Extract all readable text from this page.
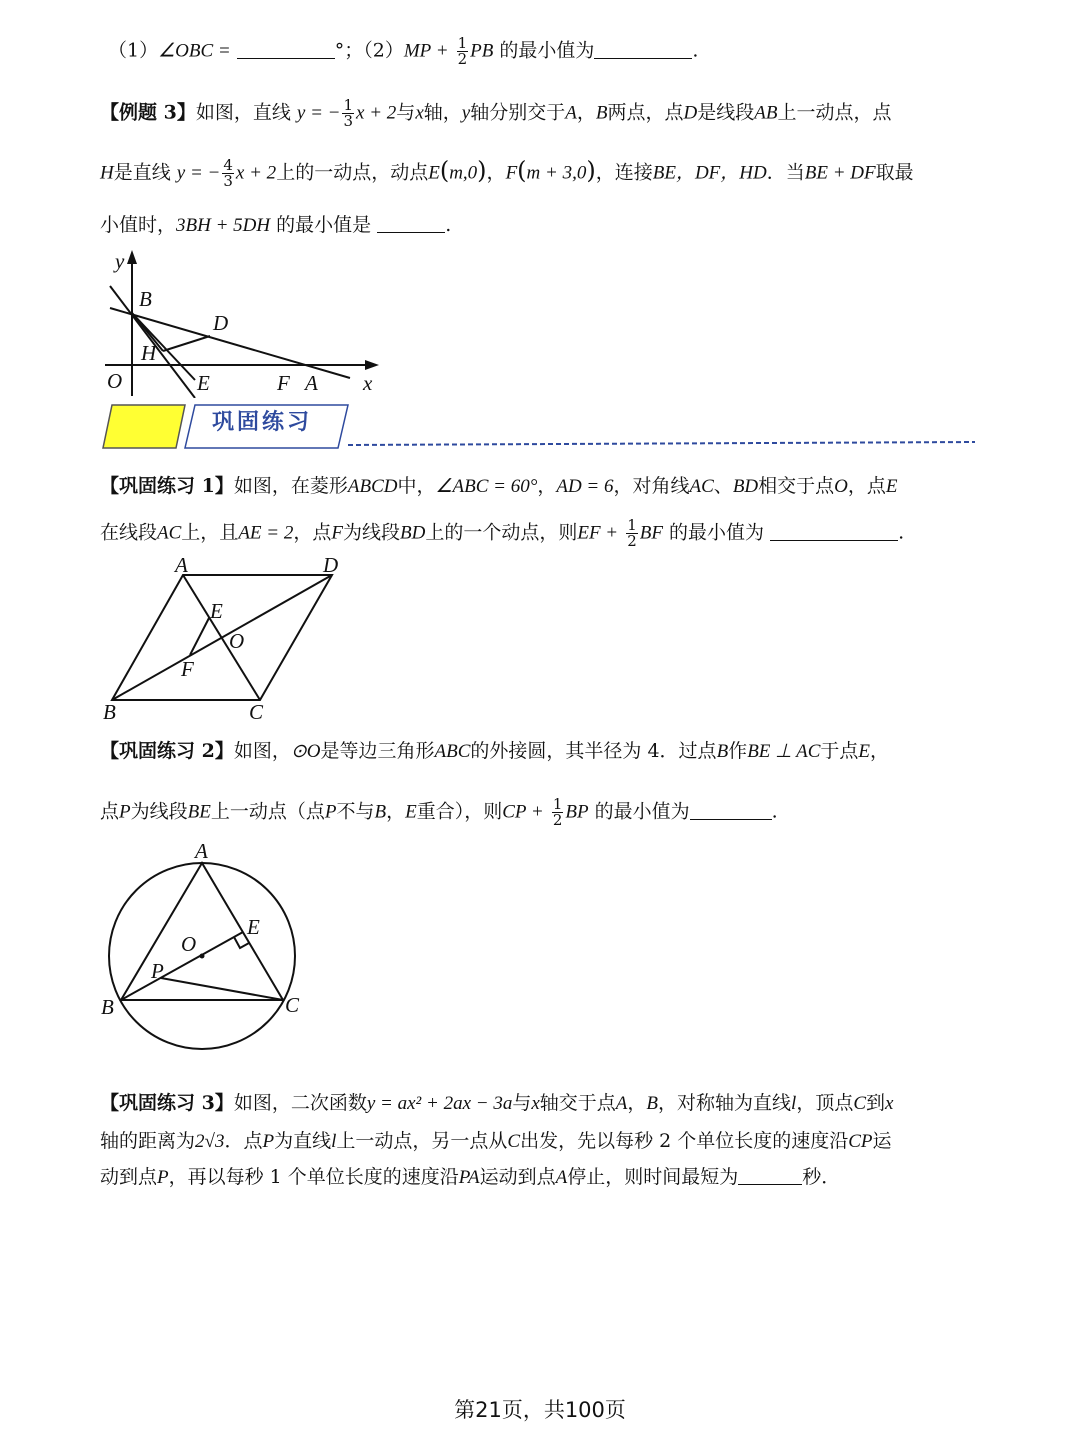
（1）∠OBC =	°；$(2)MP + \frac{1}{2}$ PB 的最小值为	.
【例题 3】如图，直线 y = − $\frac{1}{3}$ x + 2与x轴，y轴分别交于A，B两点，点D是线段AB上一动点，点
H是直线 y = − $\frac{4}{3}$ x + 2上的一动点，动点E(m,0)，F(m + 3,0)，连接BE，DF，HD．当BE + DF取最
小值时，3BH + 5DH 的最小值是	.
y
B
D
H
O	E	F A x
巩固练习
【巩固练习 1】如图，在菱形ABCD中，∠ABC = 60°，AD = 6，对角线AC、BD相交于点O，点E
在线段AC上，且AE = 2，点F为线段BD上的一个动点，则EF + $\frac{1}{2}$ BF 的最小值为	.
A	D
E
O
F
B	C
【巩固练习 2】如图，⊙O是等边三角形ABC的外接圆，其半径为 4．过点B作BE ⊥ AC于点E，
点P为线段BE上一动点（点P不与B，E重合），则CP + $\frac{1}{2}$ BP 的最小值为	.
A
E
O
P
B	C
【巩固练习 3】如图，二次函数y = ax² + 2ax − 3a与x轴交于点A，B，对称轴为直线l，顶点C到x
轴的距离为2√3．点P为直线l上一动点，另一点从C出发，先以每秒 2 个单位长度的速度沿CP运
动到点P，再以每秒 1 个单位长度的速度沿PA运动到点A停止，则时间最短为	秒．
第21页，共100页
